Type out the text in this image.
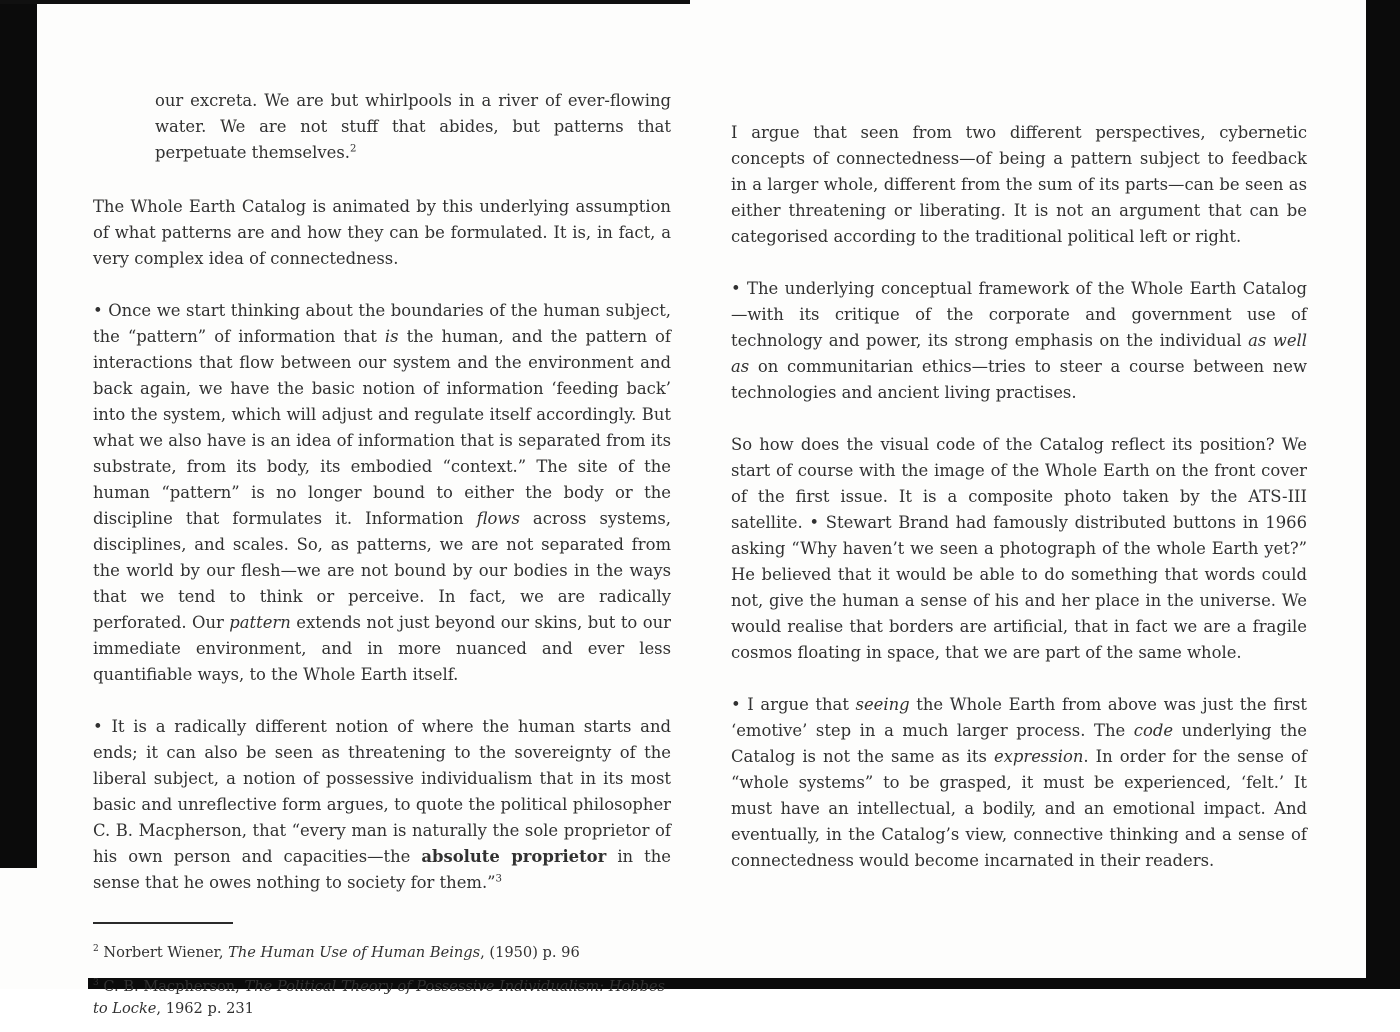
our excreta. We are but whirlpools in a river of ever-flowing water. We are not stuff that abides, but patterns that perpetuate themselves.$^2$

The Whole Earth Catalog is animated by this underlying assumption of what patterns are and how they can be formulated. It is, in fact, a very complex idea of connectedness.

• Once we start thinking about the boundaries of the human subject, the “pattern” of information that is the human, and the pattern of interactions that flow between our system and the environment and back again, we have the basic notion of information ‘feeding back’ into the system, which will adjust and regulate itself accordingly. But what we also have is an idea of information that is separated from its substrate, from its body, its embodied “context.” The site of the human “pattern” is no longer bound to either the body or the discipline that formulates it. Information flows across systems, disciplines, and scales. So, as patterns, we are not separated from the world by our flesh—we are not bound by our bodies in the ways that we tend to think or perceive. In fact, we are radically perforated. Our pattern extends not just beyond our skins, but to our immediate environment, and in more nuanced and ever less quantifiable ways, to the Whole Earth itself.

• It is a radically different notion of where the human starts and ends; it can also be seen as threatening to the sovereignty of the liberal subject, a notion of possessive individualism that in its most basic and unreflective form argues, to quote the political philosopher C. B. Macpherson, that “every man is naturally the sole proprietor of his own person and capacities—the absolute proprietor in the sense that he owes nothing to society for them.”$^3$

$^2$ Norbert Wiener, The Human Use of Human Beings, (1950) p. 96

$^3$ C. B. Macpherson, The Political Theory of Possessive Individualism: Hobbes to Locke, 1962 p. 231

I argue that seen from two different perspectives, cybernetic concepts of connectedness—of being a pattern subject to feedback in a larger whole, different from the sum of its parts—can be seen as either threatening or liberating. It is not an argument that can be categorised according to the traditional political left or right.

• The underlying conceptual framework of the Whole Earth Catalog—with its critique of the corporate and government use of technology and power, its strong emphasis on the individual as well as on communitarian ethics—tries to steer a course between new technologies and ancient living practises.

So how does the visual code of the Catalog reflect its position? We start of course with the image of the Whole Earth on the front cover of the first issue. It is a composite photo taken by the ATS-III satellite. • Stewart Brand had famously distributed buttons in 1966 asking “Why haven’t we seen a photograph of the whole Earth yet?” He believed that it would be able to do something that words could not, give the human a sense of his and her place in the universe. We would realise that borders are artificial, that in fact we are a fragile cosmos floating in space, that we are part of the same whole.

• I argue that seeing the Whole Earth from above was just the first ‘emotive’ step in a much larger process. The code underlying the Catalog is not the same as its expression. In order for the sense of “whole systems” to be grasped, it must be experienced, ‘felt.’ It must have an intellectual, a bodily, and an emotional impact. And eventually, in the Catalog’s view, connective thinking and a sense of connectedness would become incarnated in their readers.
